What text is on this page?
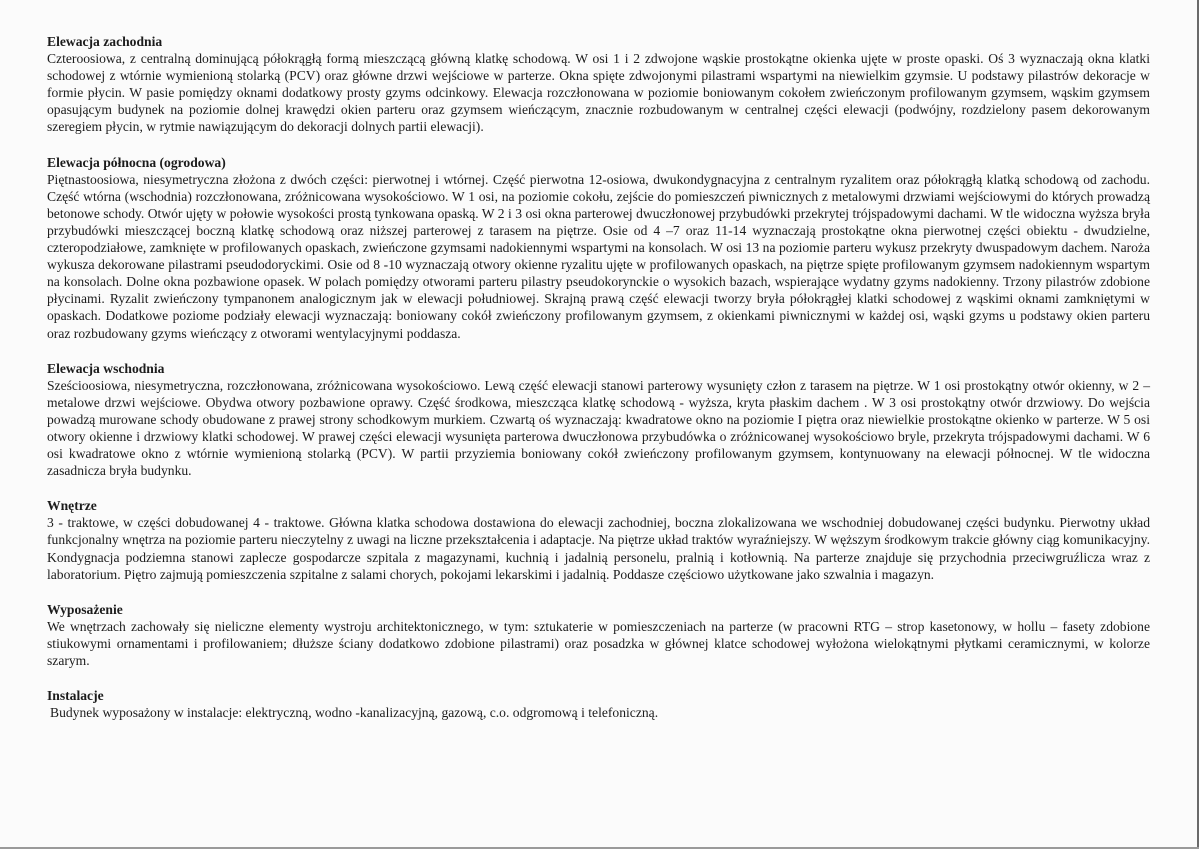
Elewacja zachodnia

Czteroosiowa, z centralną dominującą półokrągłą formą mieszczącą główną klatkę schodową. W osi 1 i 2 zdwojone wąskie prostokątne okienka ujęte w proste opaski. Oś 3 wyznaczają okna klatki schodowej z wtórnie wymienioną stolarką (PCV) oraz główne drzwi wejściowe w parterze. Okna spięte zdwojonymi pilastrami wspartymi na niewielkim gzymsie. U podstawy pilastrów dekoracje w formie płycin. W pasie pomiędzy oknami dodatkowy prosty gzyms odcinkowy. Elewacja rozczłonowana w poziomie boniowanym cokołem zwieńczonym profilowanym gzymsem, wąskim gzymsem opasującym budynek na poziomie dolnej krawędzi okien parteru oraz gzymsem wieńczącym, znacznie rozbudowanym w centralnej części elewacji (podwójny, rozdzielony pasem dekorowanym szeregiem płycin, w rytmie nawiązującym do dekoracji dolnych partii elewacji).

Elewacja północna (ogrodowa)

Piętnastoosiowa, niesymetryczna złożona z dwóch części: pierwotnej i wtórnej. Część pierwotna 12-osiowa, dwukondygnacyjna z centralnym ryzalitem oraz półokrągłą klatką schodową od zachodu. Część wtórna (wschodnia) rozczłonowana, zróżnicowana wysokościowo. W 1 osi, na poziomie cokołu, zejście do pomieszczeń piwnicznych z metalowymi drzwiami wejściowymi do których prowadzą betonowe schody. Otwór ujęty w połowie wysokości prostą tynkowana opaską. W 2 i 3 osi okna parterowej dwuczłonowej przybudówki przekrytej trójspadowymi dachami. W tle widoczna wyższa bryła przybudówki mieszczącej boczną klatkę schodową oraz niższej parterowej z tarasem na piętrze. Osie od 4 –7 oraz 11-14 wyznaczają prostokątne okna pierwotnej części obiektu - dwudzielne, czteropodziałowe, zamknięte w profilowanych opaskach, zwieńczone gzymsami nadokiennymi wspartymi na konsolach. W osi 13 na poziomie parteru wykusz przekryty dwuspadowym dachem. Naroża wykusza dekorowane pilastrami pseudodoryckimi. Osie od 8 -10 wyznaczają otwory okienne ryzalitu ujęte w profilowanych opaskach, na piętrze spięte profilowanym gzymsem nadokiennym wspartym na konsolach. Dolne okna pozbawione opasek. W polach pomiędzy otworami parteru pilastry pseudokorynckie o wysokich bazach, wspierające wydatny gzyms nadokienny. Trzony pilastrów zdobione płycinami. Ryzalit zwieńczony tympanonem analogicznym jak w elewacji południowej. Skrajną prawą część elewacji tworzy bryła półokrągłej klatki schodowej z wąskimi oknami zamkniętymi w opaskach. Dodatkowe poziome podziały elewacji wyznaczają: boniowany cokół zwieńczony profilowanym gzymsem, z okienkami piwnicznymi w każdej osi, wąski gzyms u podstawy okien parteru oraz rozbudowany gzyms wieńczący z otworami wentylacyjnymi poddasza.

Elewacja wschodnia

Sześcioosiowa, niesymetryczna, rozczłonowana, zróżnicowana wysokościowo. Lewą część elewacji stanowi parterowy wysunięty człon z tarasem na piętrze. W 1 osi prostokątny otwór okienny, w 2 – metalowe drzwi wejściowe. Obydwa otwory pozbawione oprawy. Część środkowa, mieszcząca klatkę schodową - wyższa, kryta płaskim dachem . W 3 osi prostokątny otwór drzwiowy. Do wejścia powadzą murowane schody obudowane z prawej strony schodkowym murkiem. Czwartą oś wyznaczają: kwadratowe okno na poziomie I piętra oraz niewielkie prostokątne okienko w parterze. W 5 osi otwory okienne i drzwiowy klatki schodowej. W prawej części elewacji wysunięta parterowa dwuczłonowa przybudówka o zróżnicowanej wysokościowo bryle, przekryta trójspadowymi dachami. W 6 osi kwadratowe okno z wtórnie wymienioną stolarką (PCV). W partii przyziemia boniowany cokół zwieńczony profilowanym gzymsem, kontynuowany na elewacji północnej. W tle widoczna zasadnicza bryła budynku.

Wnętrze

3 - traktowe, w części dobudowanej 4 - traktowe. Główna klatka schodowa dostawiona do elewacji zachodniej, boczna zlokalizowana we wschodniej dobudowanej części budynku. Pierwotny układ funkcjonalny wnętrza na poziomie parteru nieczytelny z uwagi na liczne przekształcenia i adaptacje. Na piętrze układ traktów wyraźniejszy. W węższym środkowym trakcie główny ciąg komunikacyjny. Kondygnacja podziemna stanowi zaplecze gospodarcze szpitala z magazynami, kuchnią i jadalnią personelu, pralnią i kotłownią. Na parterze znajduje się przychodnia przeciwgruźlicza wraz z laboratorium. Piętro zajmują pomieszczenia szpitalne z salami chorych, pokojami lekarskimi i jadalnią. Poddasze częściowo użytkowane jako szwalnia i magazyn.

Wyposażenie

We wnętrzach zachowały się nieliczne elementy wystroju architektonicznego, w tym: sztukaterie w pomieszczeniach na parterze (w pracowni RTG – strop kasetonowy, w hollu – fasety zdobione stiukowymi ornamentami i profilowaniem; dłuższe ściany dodatkowo zdobione pilastrami) oraz posadzka w głównej klatce schodowej wyłożona wielokątnymi płytkami ceramicznymi, w kolorze szarym.

Instalacje

Budynek wyposażony w instalacje: elektryczną, wodno -kanalizacyjną, gazową, c.o. odgromową i telefoniczną.
